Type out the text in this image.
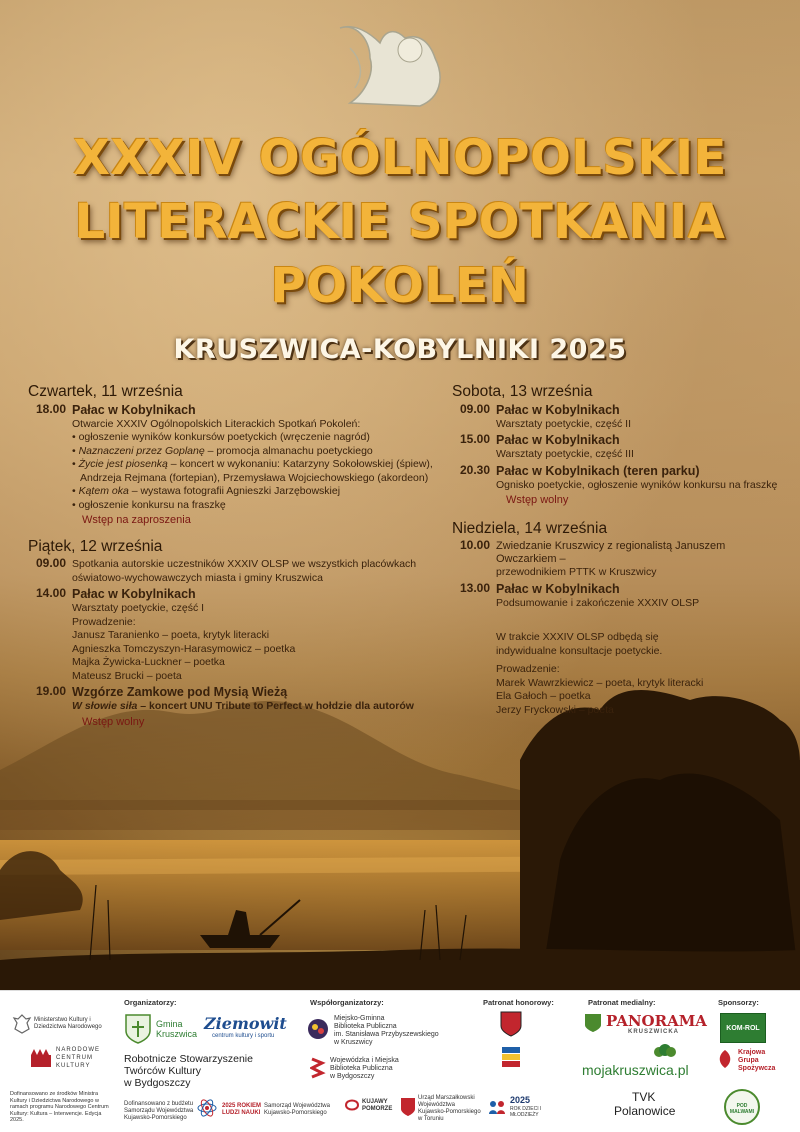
XXXIV OGÓLNOPOLSKIE
LITERACKIE SPOTKANIA
POKOLEŃ
KRUSZWICA-KOBYLNIKI 2025
Czwartek, 11 września
18.00 Pałac w Kobylnikach
Otwarcie XXXIV Ogólnopolskich Literackich Spotkań Pokoleń:
• ogłoszenie wyników konkursów poetyckich (wręczenie nagród)
• Naznaczeni przez Goplanę – promocja almanachu poetyckiego
• Życie jest piosenką – koncert w wykonaniu: Katarzyny Sokołowskiej (śpiew),
Andrzeja Rejmana (fortepian), Przemysława Wojciechowskiego (akordeon)
• Kątem oka – wystawa fotografii Agnieszki Jarzębowskiej
• ogłoszenie konkursu na fraszkę
Wstęp na zaproszenia
Piątek, 12 września
09.00 Spotkania autorskie uczestników XXXIV OLSP we wszystkich placówkach
oświatowo-wychowawczych miasta i gminy Kruszwica
14.00 Pałac w Kobylnikach
Warsztaty poetyckie, część I
Prowadzenie:
Janusz Taranienko – poeta, krytyk literacki
Agnieszka Tomczyszyn-Harasymowicz – poetka
Majka Żywicka-Luckner – poetka
Mateusz Brucki – poeta
19.00 Wzgórze Zamkowe pod Mysią Wieżą
W słowie siła – koncert UNU Tribute to Perfect w hołdzie dla autorów
Wstęp wolny
Sobota, 13 września
09.00 Pałac w Kobylnikach
Warsztaty poetyckie, część II
15.00 Pałac w Kobylnikach
Warsztaty poetyckie, część III
20.30 Pałac w Kobylnikach (teren parku)
Ognisko poetyckie, ogłoszenie wyników konkursu na fraszkę
Wstęp wolny
Niedziela, 14 września
10.00 Zwiedzanie Kruszwicy z regionalistą Januszem Owczarkiem –
przewodnikiem PTTK w Kruszwicy
13.00 Pałac w Kobylnikach
Podsumowanie i zakończenie XXXIV OLSP
W trakcie XXXIV OLSP odbędą się
indywidualne konsultacje poetyckie.
Prowadzenie:
Marek Wawrzkiewicz – poeta, krytyk literacki
Ela Gałoch – poetka
Jerzy Fryckowski – poeta
Ministerstwo Kultury i Dziedzictwa Narodowego
NARODOWE
CENTRUM
KULTURY
Dofinansowano ze środków Ministra Kultury i Dziedzictwa Narodowego w ramach programu Narodowego Centrum Kultury: Kultura – Interwencje. Edycja 2025.
Organizatorzy:
Gmina
Kruszwica
Ziemowit
centrum kultury i sportu
Robotnicze Stowarzyszenie
Twórców Kultury
w Bydgoszczy
Dofinansowano z budżetu
Samorządu Województwa
Kujawsko-Pomorskiego
2025 ROKIEM
LUDZI NAUKI
Samorząd Województwa
Kujawsko-Pomorskiego
Współorganizatorzy:
Miejsko-Gminna
Biblioteka Publiczna
im. Stanisława Przybyszewskiego
w Kruszwicy
Wojewódzka i Miejska
Biblioteka Publiczna
w Bydgoszczy
KUJAWY
POMORZE
Urząd Marszałkowski
Województwa
Kujawsko-Pomorskiego
w Toruniu
2025
ROK DZIECI I MŁODZIEŻY
Patronat honorowy:	Patronat medialny:
PANORAMA
KRUSZWICKA
mojakruszwica.pl
TVK
Polanowice
Sponsorzy:
KOM-ROL
Krajowa
Grupa
Spożywcza
POD MALWAMI
